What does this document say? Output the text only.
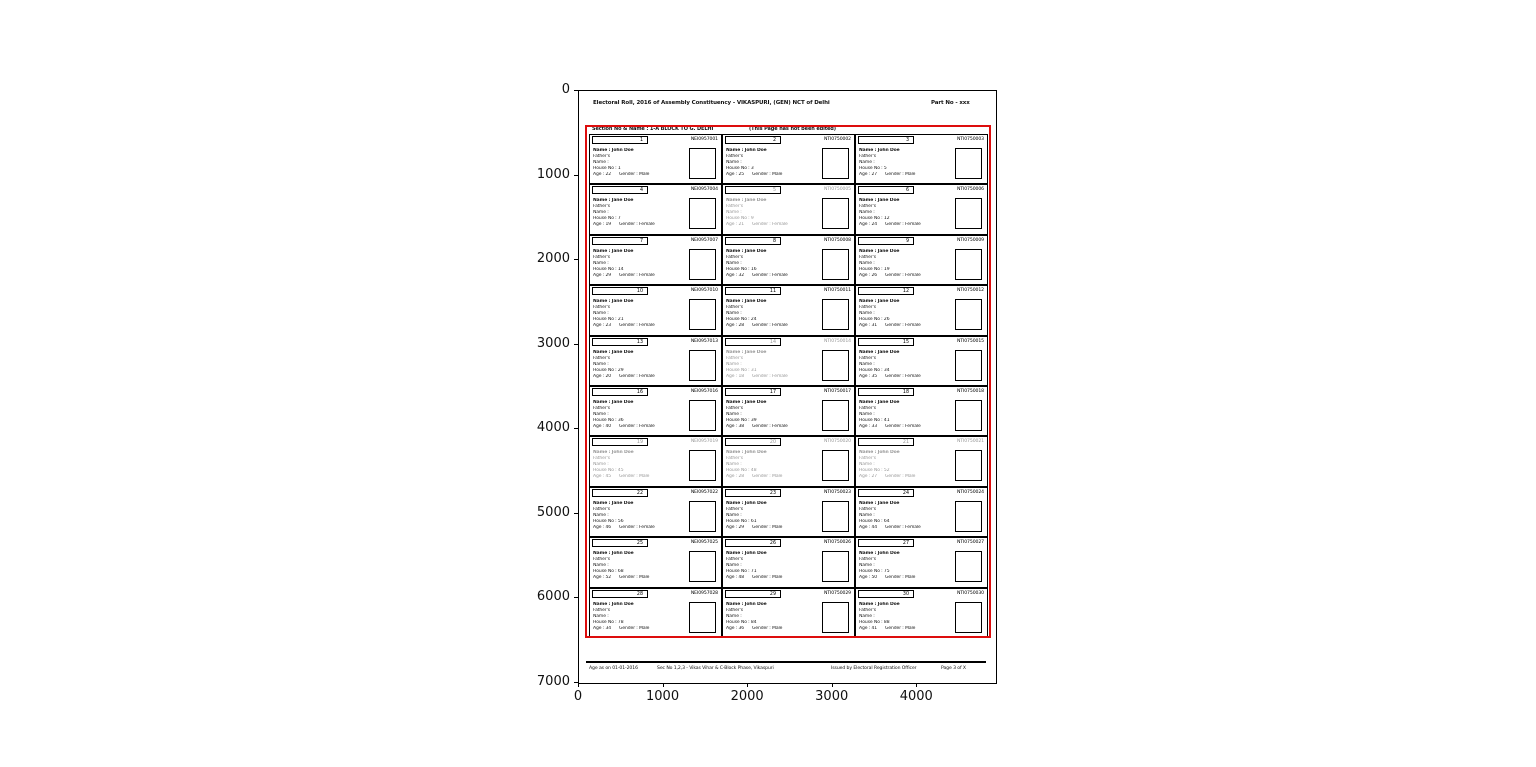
Electoral Roll, 2016 of Assembly Constituency - VIKASPURI, (GEN) NCT of Delhi	Part No - xxx
Section No & Name : 1-A BLOCK TO G. DELHI	(This Page has not been edited)
1	NEI0957001
Name : John Doe
Father's
Name :
House No : 1
Age : 22      Gender : Male
2	NTI0750002
Name : John Doe
Father's
Name :
House No : 3
Age : 25      Gender : Male
3	NTI0750003
Name : John Doe
Father's
Name :
House No : 5
Age : 27      Gender : Male
4	NEI0957004
Name : Jane Doe
Father's
Name :
House No : 7
Age : 19      Gender : Female
5	NTI0750005
Name : Jane Doe
Father's
Name :
House No : 9
Age : 21      Gender : Female
6	NTI0750006
Name : Jane Doe
Father's
Name :
House No : 12
Age : 24      Gender : Female
7	NEI0957007
Name : Jane Doe
Father's
Name :
House No : 14
Age : 29      Gender : Female
8	NTI0750008
Name : Jane Doe
Father's
Name :
House No : 16
Age : 32      Gender : Female
9	NTI0750009
Name : Jane Doe
Father's
Name :
House No : 19
Age : 26      Gender : Female
10	NEI0957010
Name : Jane Doe
Father's
Name :
House No : 21
Age : 23      Gender : Female
11	NTI0750011
Name : Jane Doe
Father's
Name :
House No : 24
Age : 28      Gender : Female
12	NTI0750012
Name : Jane Doe
Father's
Name :
House No : 26
Age : 31      Gender : Female
13	NEI0957013
Name : Jane Doe
Father's
Name :
House No : 29
Age : 20      Gender : Female
14	NTI0750014
Name : Jane Doe
Father's
Name :
House No : 31
Age : 18      Gender : Female
15	NTI0750015
Name : Jane Doe
Father's
Name :
House No : 34
Age : 35      Gender : Female
16	NEI0957016
Name : Jane Doe
Father's
Name :
House No : 36
Age : 40      Gender : Female
17	NTI0750017
Name : Jane Doe
Father's
Name :
House No : 39
Age : 38      Gender : Female
18	NTI0750018
Name : Jane Doe
Father's
Name :
House No : 41
Age : 33      Gender : Female
19	NEI0957019
Name : John Doe
Father's
Name :
House No : 45
Age : 45      Gender : Male
20	NTI0750020
Name : John Doe
Father's
Name :
House No : 48
Age : 28      Gender : Male
21	NTI0750021
Name : John Doe
Father's
Name :
House No : 52
Age : 27      Gender : Male
22	NEI0957022
Name : Jane Doe
Father's
Name :
House No : 56
Age : 46      Gender : Female
23	NTI0750023
Name : John Doe
Father's
Name :
House No : 61
Age : 29      Gender : Male
24	NTI0750024
Name : Jane Doe
Father's
Name :
House No : 64
Age : 44      Gender : Female
25	NEI0957025
Name : John Doe
Father's
Name :
House No : 68
Age : 52      Gender : Male
26	NTI0750026
Name : John Doe
Father's
Name :
House No : 71
Age : 48      Gender : Male
27	NTI0750027
Name : John Doe
Father's
Name :
House No : 75
Age : 50      Gender : Male
28	NEI0957028
Name : John Doe
Father's
Name :
House No : 78
Age : 34      Gender : Male
29	NTI0750029
Name : John Doe
Father's
Name :
House No : 84
Age : 36      Gender : Male
30	NTI0750030
Name : John Doe
Father's
Name :
House No : 88
Age : 41      Gender : Male
Age as on 01-01-2016	Sec No 1,2,3 - Vikas Vihar & C-Block Phase, Vikaspuri	Issued by Electoral Registration Officer	Page 3 of X
0
1000
2000
3000
4000
5000
6000
7000
0	1000	2000	3000	4000
